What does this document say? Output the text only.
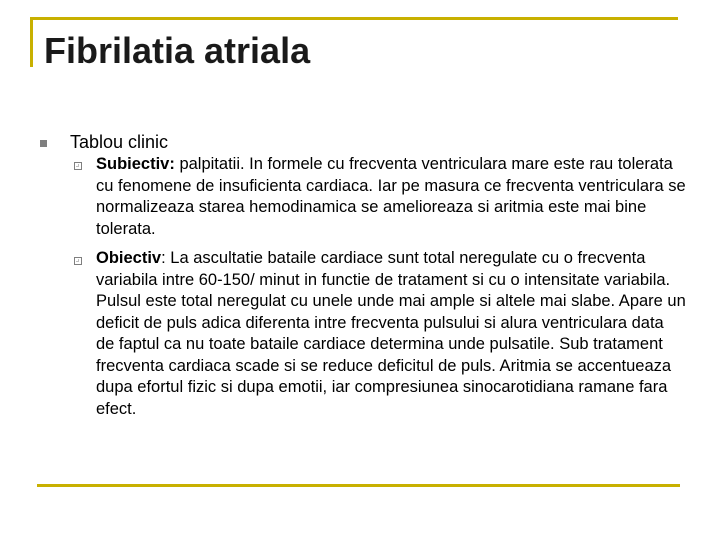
Fibrilatia atriala
Tablou clinic
Subiectiv: palpitatii. In formele cu frecventa ventriculara mare este rau tolerata cu fenomene de insuficienta cardiaca. Iar pe masura ce frecventa ventriculara se normalizeaza starea hemodinamica se amelioreaza si aritmia este mai bine tolerata.
Obiectiv: La ascultatie bataile cardiace sunt total neregulate cu o frecventa variabila intre 60-150/ minut in functie de tratament si cu o intensitate variabila. Pulsul este total neregulat cu unele unde mai ample si altele mai slabe. Apare un deficit de puls adica diferenta intre frecventa pulsului si alura ventriculara data de faptul ca nu toate bataile cardiace determina unde pulsatile. Sub tratament frecventa cardiaca scade si se reduce deficitul de puls. Aritmia se accentueaza dupa efortul fizic si dupa emotii, iar compresiunea sinocarotidiana ramane fara efect.
